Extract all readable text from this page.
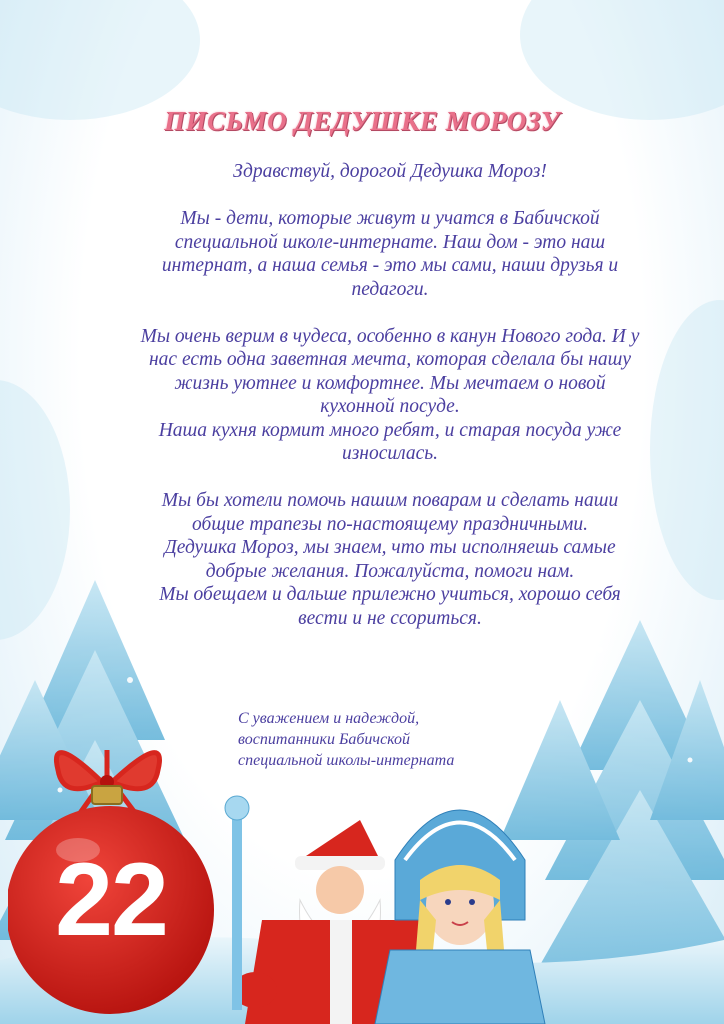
ПИСЬМО ДЕДУШКЕ МОРОЗУ

Здравствуй, дорогой Дедушка Мороз!

Мы - дети, которые живут и учатся в Бабичской
специальной школе-интернате. Наш дом - это наш
интернат, а наша семья - это мы сами, наши друзья и
педагоги.

Мы очень верим в чудеса, особенно в канун Нового года. И у
нас есть одна заветная мечта, которая сделала бы нашу
жизнь уютнее и комфортнее. Мы мечтаем о новой
кухонной посуде.
Наша кухня кормит много ребят, и старая посуда уже
износилась.

Мы бы хотели помочь нашим поварам и сделать наши
общие трапезы по-настоящему праздничными.
Дедушка Мороз, мы знаем, что ты исполняешь самые
добрые желания. Пожалуйста, помоги нам.
Мы обещаем и дальше прилежно учиться, хорошо себя
вести и не ссориться.

С уважением и надеждой,
воспитанники Бабичской
специальной школы-интерната
22
